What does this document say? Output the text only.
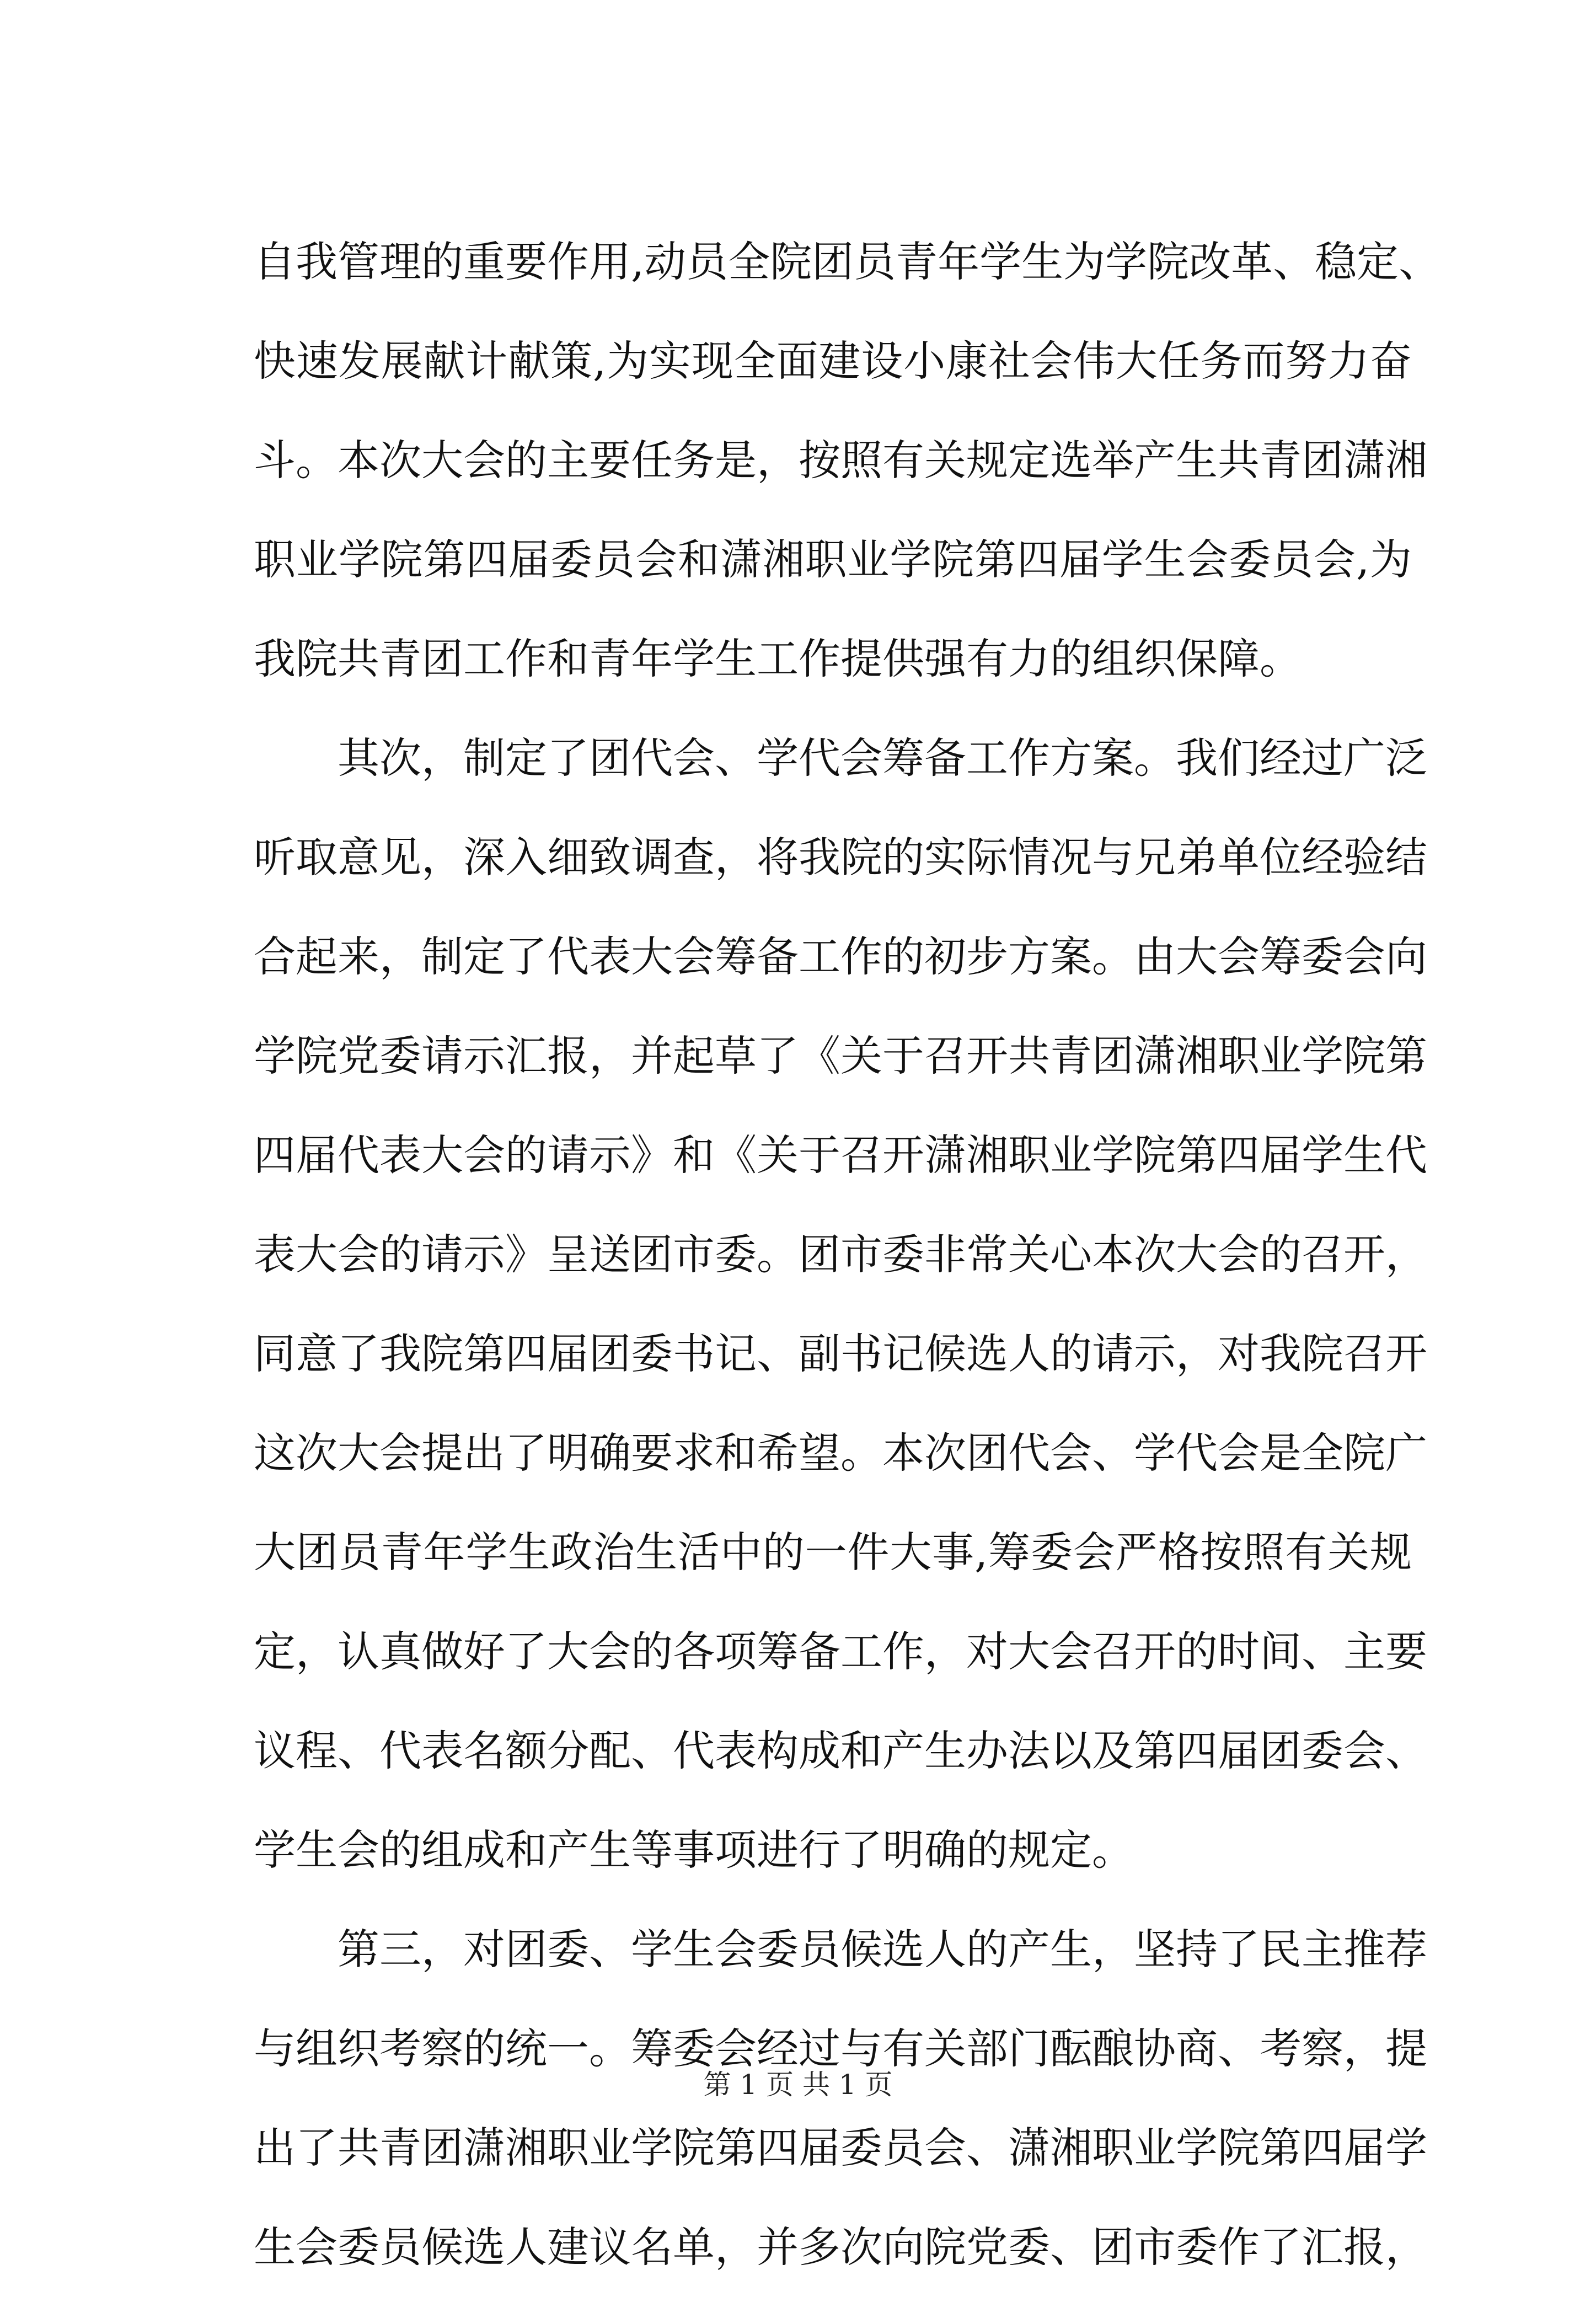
自我管理的重要作用,动员全院团员青年学生为学院改革、稳定、
快速发展献计献策,为实现全面建设小康社会伟大任务而努力奋
斗。本次大会的主要任务是，按照有关规定选举产生共青团潇湘
职业学院第四届委员会和潇湘职业学院第四届学生会委员会,为
我院共青团工作和青年学生工作提供强有力的组织保障。
　　其次，制定了团代会、学代会筹备工作方案。我们经过广泛
听取意见，深入细致调查，将我院的实际情况与兄弟单位经验结
合起来，制定了代表大会筹备工作的初步方案。由大会筹委会向
学院党委请示汇报，并起草了《关于召开共青团潇湘职业学院第
四届代表大会的请示》和《关于召开潇湘职业学院第四届学生代
表大会的请示》呈送团市委。团市委非常关心本次大会的召开，
同意了我院第四届团委书记、副书记候选人的请示，对我院召开
这次大会提出了明确要求和希望。本次团代会、学代会是全院广
大团员青年学生政治生活中的一件大事,筹委会严格按照有关规
定，认真做好了大会的各项筹备工作，对大会召开的时间、主要
议程、代表名额分配、代表构成和产生办法以及第四届团委会、
学生会的组成和产生等事项进行了明确的规定。
　　第三，对团委、学生会委员候选人的产生，坚持了民主推荐
与组织考察的统一。筹委会经过与有关部门酝酿协商、考察，提
出了共青团潇湘职业学院第四届委员会、潇湘职业学院第四届学
生会委员候选人建议名单，并多次向院党委、团市委作了汇报，
第 1 页 共 1 页
